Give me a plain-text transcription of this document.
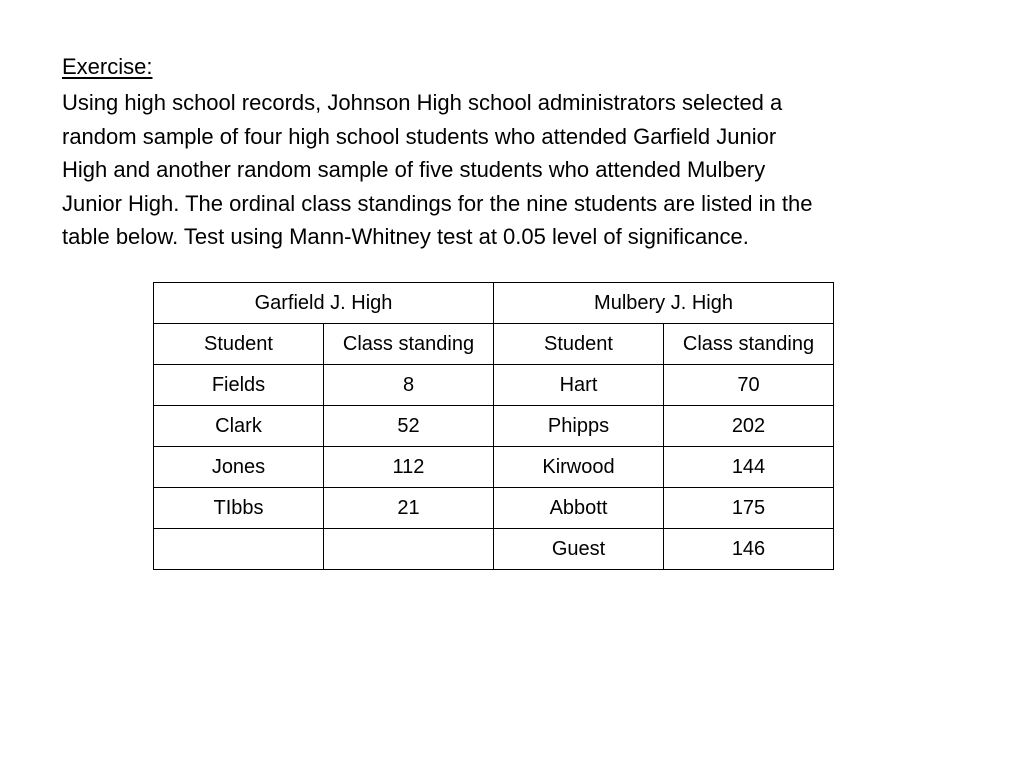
Exercise:
Using high school records, Johnson High school administrators selected a
random sample of four high school students who attended Garfield Junior
High and another random sample of five students who attended Mulbery
Junior High. The ordinal class standings for the nine students are listed in the
table below. Test using Mann-Whitney test at 0.05 level of significance.
Garfield J. High		Mulbery J. High	
Student	Class standing	Student	Class standing
Fields	8	Hart	70
Clark	52	Phipps	202
Jones	112	Kirwood	144
TIbbs	21	Abbott	175
		Guest	146
